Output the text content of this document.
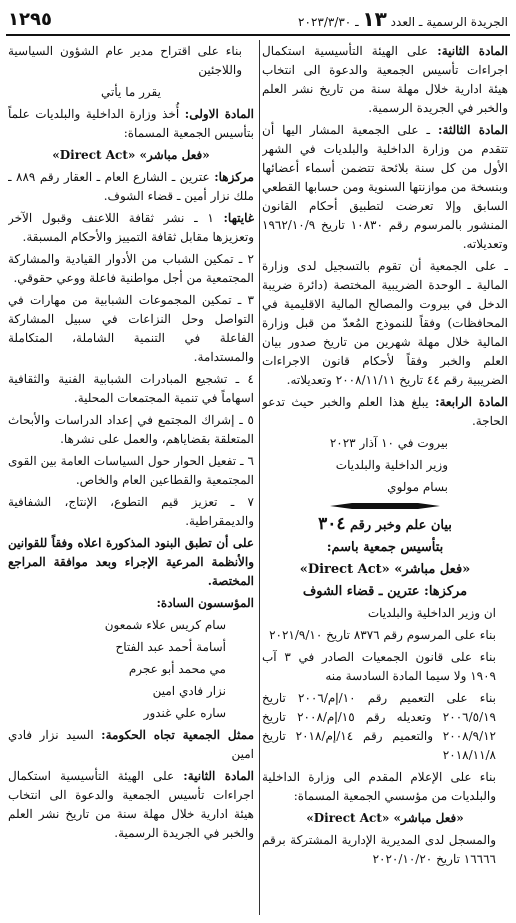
١٢٩٥	الجريدة الرسمية ـ العدد ١٣ ـ ٢٠٢٣/٣/٣٠

المادة الثانية: على الهيئة التأسيسية استكمال اجراءات تأسيس الجمعية والدعوة الى انتخاب هيئة ادارية خلال مهلة سنة من تاريخ نشر العلم والخبر في الجريدة الرسمية.

المادة الثالثة: ـ على الجمعية المشار اليها أن تتقدم من وزارة الداخلية والبلديات في الشهر الأول من كل سنة بلائحة تتضمن أسماء أعضائها وبنسخة من موازنتها السنوية ومن حسابها القطعي السابق وإلا تعرضت لتطبيق أحكام القانون المنشور بالمرسوم رقم ١٠٨٣٠ تاريخ ١٩٦٢/١٠/٩ وتعديلاته.

ـ على الجمعية أن تقوم بالتسجيل لدى وزارة المالية ـ الوحدة الضريبية المختصة (دائرة ضريبة الدخل في بيروت والمصالح المالية الاقليمية في المحافظات) وفقاً للنموذج المُعدّ من قبل وزارة المالية خلال مهلة شهرين من تاريخ صدور بيان العلم والخبر وفقاً لأحكام قانون الاجراءات الضريبية رقم ٤٤ تاريخ ٢٠٠٨/١١/١١ وتعديلاته.

المادة الرابعة: يبلغ هذا العلم والخبر حيث تدعو الحاجة.

بيروت في ١٠ آذار ٢٠٢٣

وزير الداخلية والبلديات

بسام مولوي

بيان علم وخبر رقم ٣٠٤

بتأسيس جمعية باسم:

«فعل مباشر» «Direct Act»

مركزها: عترين ـ قضاء الشوف

ان وزير الداخلية والبلديات

بناء على المرسوم رقم ٨٣٧٦ تاريخ ٢٠٢١/٩/١٠

بناء على قانون الجمعيات الصادر في ٣ آب ١٩٠٩ ولا سيما المادة السادسة منه

بناء على التعميم رقم ١٠/إم/٢٠٠٦ تاريخ ٢٠٠٦/٥/١٩ وتعديله رقم ١٥/إم/٢٠٠٨ تاريخ ٢٠٠٨/٩/١٢ والتعميم رقم ١٤/إم/٢٠١٨ تاريخ ٢٠١٨/١١/٨

بناء على الإعلام المقدم الى وزارة الداخلية والبلديات من مؤسسي الجمعية المسماة:

«فعل مباشر» «Direct Act»

والمسجل لدى المديرية الإدارية المشتركة برقم ١٦٦٦٦ تاريخ ٢٠٢٠/١٠/٢٠

بناء على اقتراح مدير عام الشؤون السياسية واللاجئين

يقرر ما يأتي

المادة الاولى: أُخذ وزارة الداخلية والبلديات علماً بتأسيس الجمعية المسماة:

«فعل مباشر» «Direct Act»

مركزها: عترين ـ الشارع العام ـ العقار رقم ٨٨٩ ـ ملك نزار أمين ـ قضاء الشوف.

غايتها: ١ ـ نشر ثقافة اللاعنف وقبول الآخر وتعزيزها مقابل ثقافة التمييز والأحكام المسبقة.

٢ ـ تمكين الشباب من الأدوار القيادية والمشاركة المجتمعية من أجل مواطنية فاعلة ووعي حقوقي.

٣ ـ تمكين المجموعات الشبابية من مهارات في التواصل وحل النزاعات في سبيل المشاركة الفاعلة في التنمية الشاملة، المتكاملة والمستدامة.

٤ ـ تشجيع المبادرات الشبابية الفنية والثقافية اسهاماً في تنمية المجتمعات المحلية.

٥ ـ إشراك المجتمع في إعداد الدراسات والأبحاث المتعلقة بقضاياهم، والعمل على نشرها.

٦ ـ تفعيل الحوار حول السياسات العامة بين القوى المجتمعية والقطاعين العام والخاص.

٧ ـ تعزيز قيم التطوع، الإنتاج، الشفافية والديمقراطية.

على أن تطبق البنود المذكورة اعلاه وفقاً للقوانين والأنظمة المرعية الإجراء وبعد موافقة المراجع المختصة.

المؤسسون السادة:

سام كريس علاء شمعون

أسامة أحمد عبد الفتاح

مي محمد أبو عجرم

نزار فادي امين

ساره علي غندور

ممثل الجمعية تجاه الحكومة: السيد نزار فادي امين

المادة الثانية: على الهيئة التأسيسية استكمال اجراءات تأسيس الجمعية والدعوة الى انتخاب هيئة ادارية خلال مهلة سنة من تاريخ نشر العلم والخبر في الجريدة الرسمية.
